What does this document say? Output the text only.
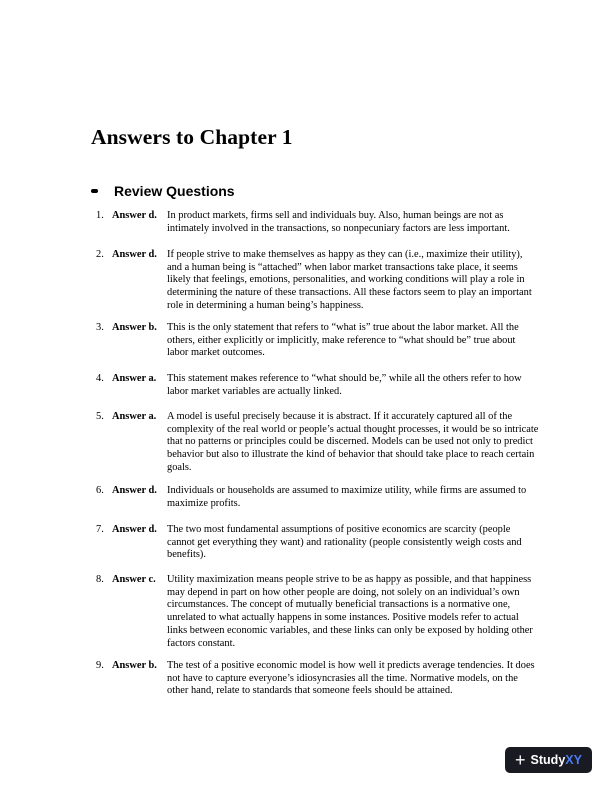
Answers to Chapter 1
Review Questions
1. Answer d. In product markets, firms sell and individuals buy. Also, human beings are not as
intimately involved in the transactions, so nonpecuniary factors are less important.
2. Answer d. If people strive to make themselves as happy as they can (i.e., maximize their utility),
and a human being is “attached” when labor market transactions take place, it seems
likely that feelings, emotions, personalities, and working conditions will play a role in
determining the nature of these transactions. All these factors seem to play an important
role in determining a human being’s happiness.
3. Answer b. This is the only statement that refers to “what is” true about the labor market. All the
others, either explicitly or implicitly, make reference to “what should be” true about
labor market outcomes.
4. Answer a. This statement makes reference to “what should be,” while all the others refer to how
labor market variables are actually linked.
5. Answer a. A model is useful precisely because it is abstract. If it accurately captured all of the
complexity of the real world or people’s actual thought processes, it would be so intricate
that no patterns or principles could be discerned. Models can be used not only to predict
behavior but also to illustrate the kind of behavior that should take place to reach certain
goals.
6. Answer d. Individuals or households are assumed to maximize utility, while firms are assumed to
maximize profits.
7. Answer d. The two most fundamental assumptions of positive economics are scarcity (people
cannot get everything they want) and rationality (people consistently weigh costs and
benefits).
8. Answer c. Utility maximization means people strive to be as happy as possible, and that happiness
may depend in part on how other people are doing, not solely on an individual’s own
circumstances. The concept of mutually beneficial transactions is a normative one,
unrelated to what actually happens in some instances. Positive models refer to actual
links between economic variables, and these links can only be exposed by holding other
factors constant.
9. Answer b. The test of a positive economic model is how well it predicts average tendencies. It does
not have to capture everyone’s idiosyncrasies all the time. Normative models, on the
other hand, relate to standards that someone feels should be attained.
+ Study XY
